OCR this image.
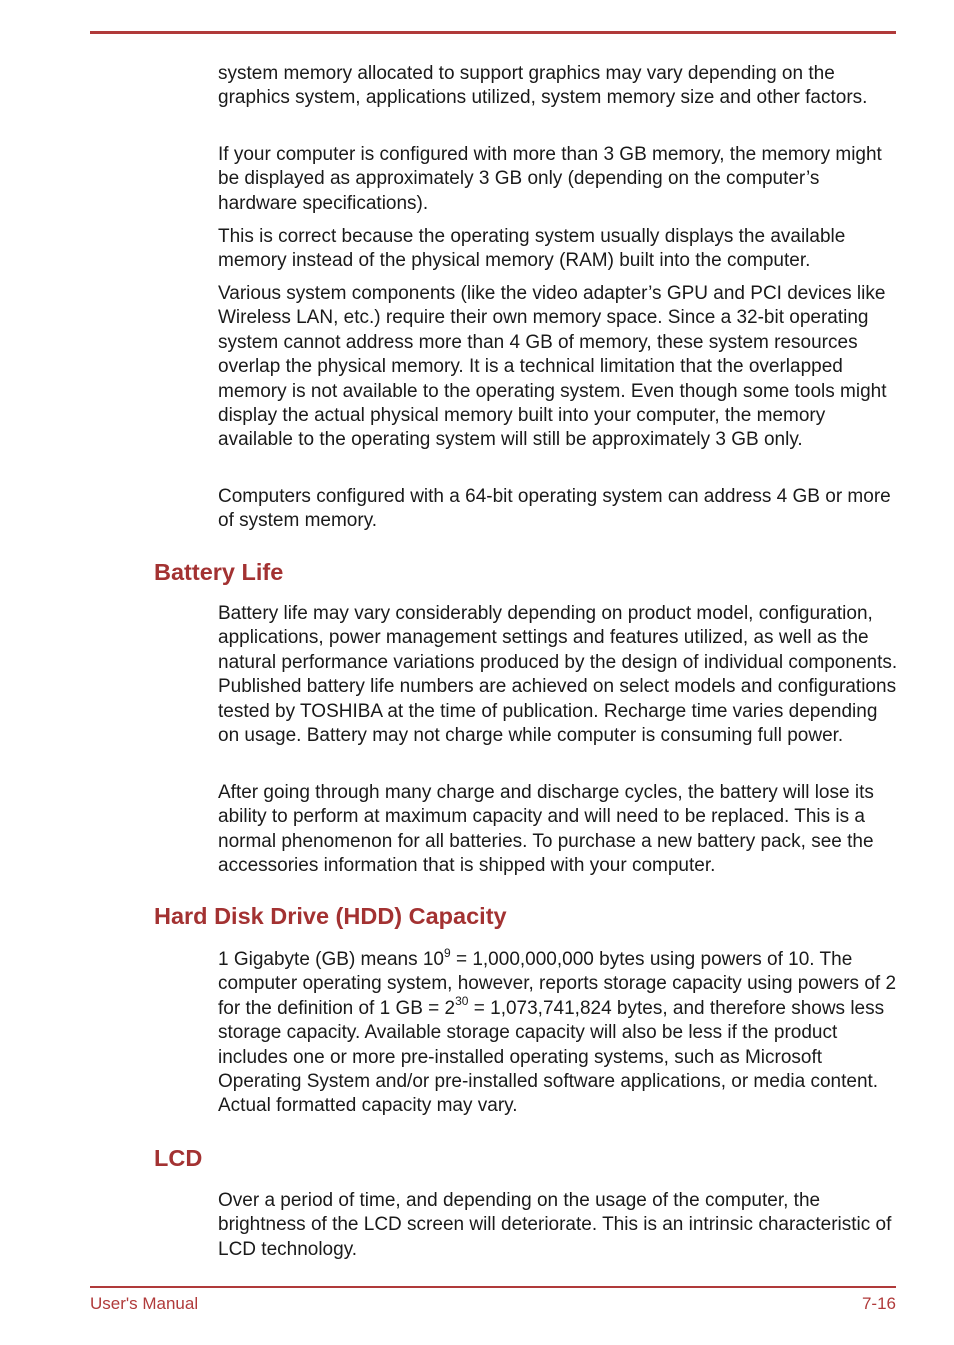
system memory allocated to support graphics may vary depending on the graphics system, applications utilized, system memory size and other factors.

If your computer is configured with more than 3 GB memory, the memory might be displayed as approximately 3 GB only (depending on the computer’s hardware specifications).

This is correct because the operating system usually displays the available memory instead of the physical memory (RAM) built into the computer.

Various system components (like the video adapter’s GPU and PCI devices like Wireless LAN, etc.) require their own memory space. Since a 32-bit operating system cannot address more than 4 GB of memory, these system resources overlap the physical memory. It is a technical limitation that the overlapped memory is not available to the operating system. Even though some tools might display the actual physical memory built into your computer, the memory available to the operating system will still be approximately 3 GB only.

Computers configured with a 64-bit operating system can address 4 GB or more of system memory.

Battery Life

Battery life may vary considerably depending on product model, configuration, applications, power management settings and features utilized, as well as the natural performance variations produced by the design of individual components. Published battery life numbers are achieved on select models and configurations tested by TOSHIBA at the time of publication. Recharge time varies depending on usage. Battery may not charge while computer is consuming full power.

After going through many charge and discharge cycles, the battery will lose its ability to perform at maximum capacity and will need to be replaced. This is a normal phenomenon for all batteries. To purchase a new battery pack, see the accessories information that is shipped with your computer.

Hard Disk Drive (HDD) Capacity

1 Gigabyte (GB) means $10^9 = 1,000,000,000$ bytes using powers of 10. The computer operating system, however, reports storage capacity using powers of 2 for the definition of 1 GB = $2^{30} = 1,073,741,824$ bytes, and therefore shows less storage capacity. Available storage capacity will also be less if the product includes one or more pre-installed operating systems, such as Microsoft Operating System and/or pre-installed software applications, or media content. Actual formatted capacity may vary.

LCD

Over a period of time, and depending on the usage of the computer, the brightness of the LCD screen will deteriorate. This is an intrinsic characteristic of LCD technology.

User's Manual	7-16
